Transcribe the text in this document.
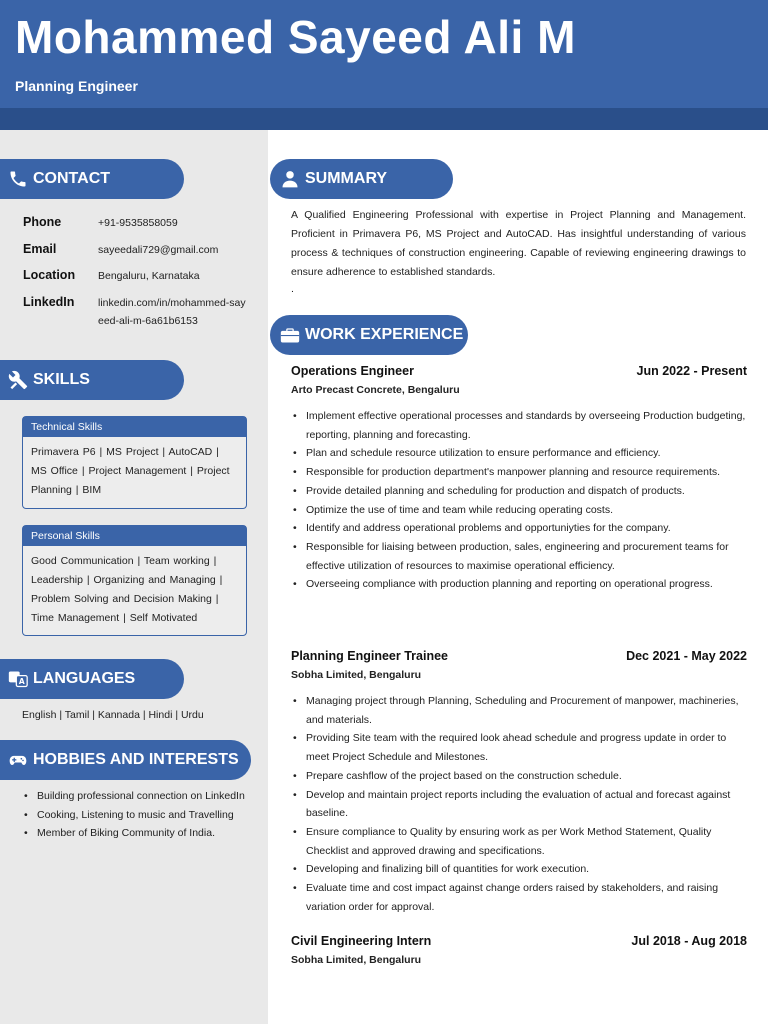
Mohammed Sayeed Ali M
Planning Engineer
CONTACT
Phone	+91-9535858059
Email	sayeedali729@gmail.com
Location Bengaluru, Karnataka
LinkedIn linkedin.com/in/mohammed-sayeed-ali-m-6a61b6153
SKILLS
Technical Skills
Primavera P6 | MS Project | AutoCAD | MS Office | Project Management | Project Planning | BIM
Personal Skills
Good Communication | Team working | Leadership | Organizing and Managing | Problem Solving and Decision Making | Time Management | Self Motivated
A LANGUAGES
English | Tamil | Kannada | Hindi | Urdu
HOBBIES AND INTERESTS
• Building professional connection on LinkedIn
• Cooking, Listening to music and Travelling
• Member of Biking Community of India.
SUMMARY
A Qualified Engineering Professional with expertise in Project Planning and Management. Proficient in Primavera P6, MS Project and AutoCAD. Has insightful understanding of various process & techniques of construction engineering. Capable of reviewing engineering drawings to ensure adherence to established standards.
.
WORK EXPERIENCE
Operations Engineer	Jun 2022 - Present
Arto Precast Concrete, Bengaluru
• Implement effective operational processes and standards by overseeing Production budgeting, reporting, planning and forecasting.
• Plan and schedule resource utilization to ensure performance and efficiency.
• Responsible for production department's manpower planning and resource requirements.
• Provide detailed planning and scheduling for production and dispatch of products.
• Optimize the use of time and team while reducing operating costs.
• Identify and address operational problems and opportuniyties for the company.
• Responsible for liaising between production, sales, engineering and procurement teams for effective utilization of resources to maximise operational efficiency.
• Overseeing compliance with production planning and reporting on operational progress.
Planning Engineer Trainee	Dec 2021 - May 2022
Sobha Limited, Bengaluru
• Managing project through Planning, Scheduling and Procurement of manpower, machineries, and materials.
• Providing Site team with the required look ahead schedule and progress update in order to meet Project Schedule and Milestones.
• Prepare cashflow of the project based on the construction schedule.
• Develop and maintain project reports including the evaluation of actual and forecast against baseline.
• Ensure compliance to Quality by ensuring work as per Work Method Statement, Quality Checklist and approved drawing and specifications.
• Developing and finalizing bill of quantities for work execution.
• Evaluate time and cost impact against change orders raised by stakeholders, and raising variation order for approval.
Civil Engineering Intern	Jul 2018 - Aug 2018
Sobha Limited, Bengaluru
